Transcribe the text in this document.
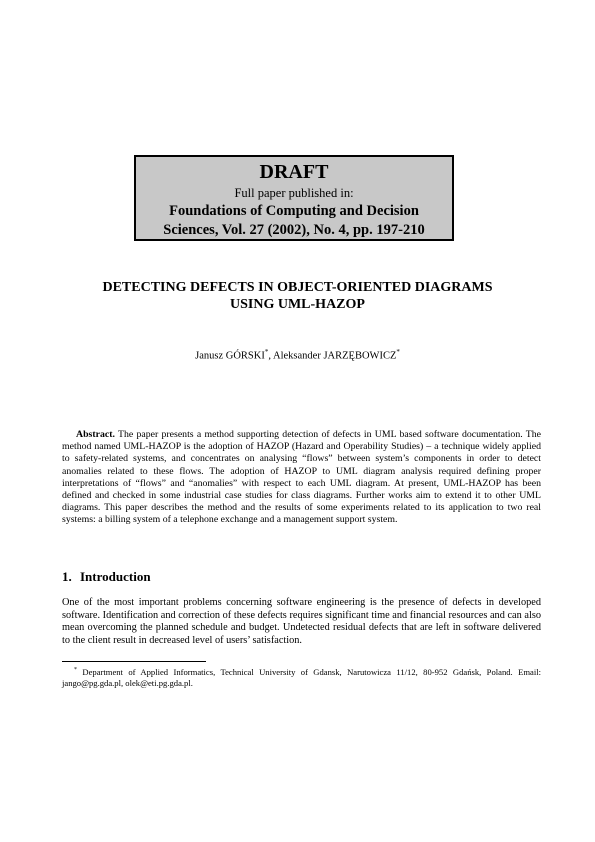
DRAFT
Full paper published in:
Foundations of Computing and Decision
Sciences, Vol. 27 (2002), No. 4, pp. 197-210
DETECTING DEFECTS IN OBJECT-ORIENTED DIAGRAMS
USING UML-HAZOP
Janusz GÓRSKI*, Aleksander JARZĘBOWICZ*

Abstract. The paper presents a method supporting detection of defects in UML based software documentation. The method named UML-HAZOP is the adoption of HAZOP (Hazard and Operability Studies) – a technique widely applied to safety-related systems, and concentrates on analysing “flows” between system’s components in order to detect anomalies related to these flows. The adoption of HAZOP to UML diagram analysis required defining proper interpretations of “flows” and “anomalies” with respect to each UML diagram. At present, UML-HAZOP has been defined and checked in some industrial case studies for class diagrams. Further works aim to extend it to other UML diagrams. This paper describes the method and the results of some experiments related to its application to two real systems: a billing system of a telephone exchange and a management support system.

1. Introduction

One of the most important problems concerning software engineering is the presence of defects in developed software. Identification and correction of these defects requires significant time and financial resources and can also mean overcoming the planned schedule and budget. Undetected residual defects that are left in software delivered to the client result in decreased level of users’ satisfaction.

* Department of Applied Informatics, Technical University of Gdansk, Narutowicza 11/12, 80-952 Gdańsk, Poland. Email: jango@pg.gda.pl, olek@eti.pg.gda.pl.
